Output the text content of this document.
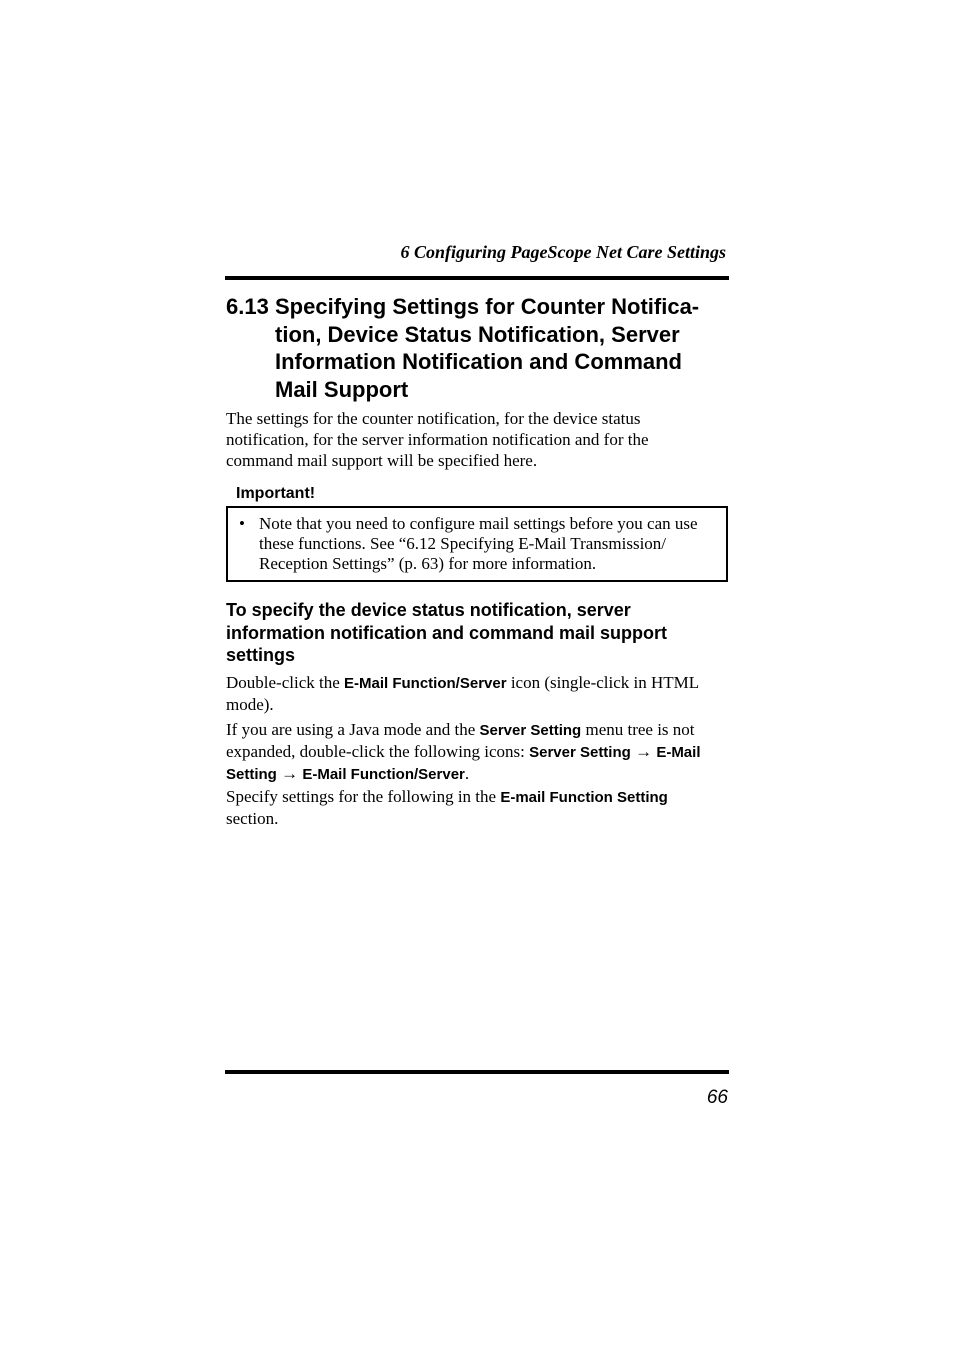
6 Configuring PageScope Net Care Settings
6.13 Specifying Settings for Counter Notifica-
tion, Device Status Notification, Server
Information Notification and Command
Mail Support
The settings for the counter notification, for the device status
notification, for the server information notification and for the
command mail support will be specified here.
Important!
• Note that you need to configure mail settings before you can use
these functions. See “6.12 Specifying E-Mail Transmission/
Reception Settings” (p. 63) for more information.
To specify the device status notification, server
information notification and command mail support
settings
Double-click the E-Mail Function/Server icon (single-click in HTML
mode).
If you are using a Java mode and the Server Setting menu tree is not
expanded, double-click the following icons: Server Setting → E-Mail
Setting → E-Mail Function/Server.
Specify settings for the following in the E-mail Function Setting
section.
66
